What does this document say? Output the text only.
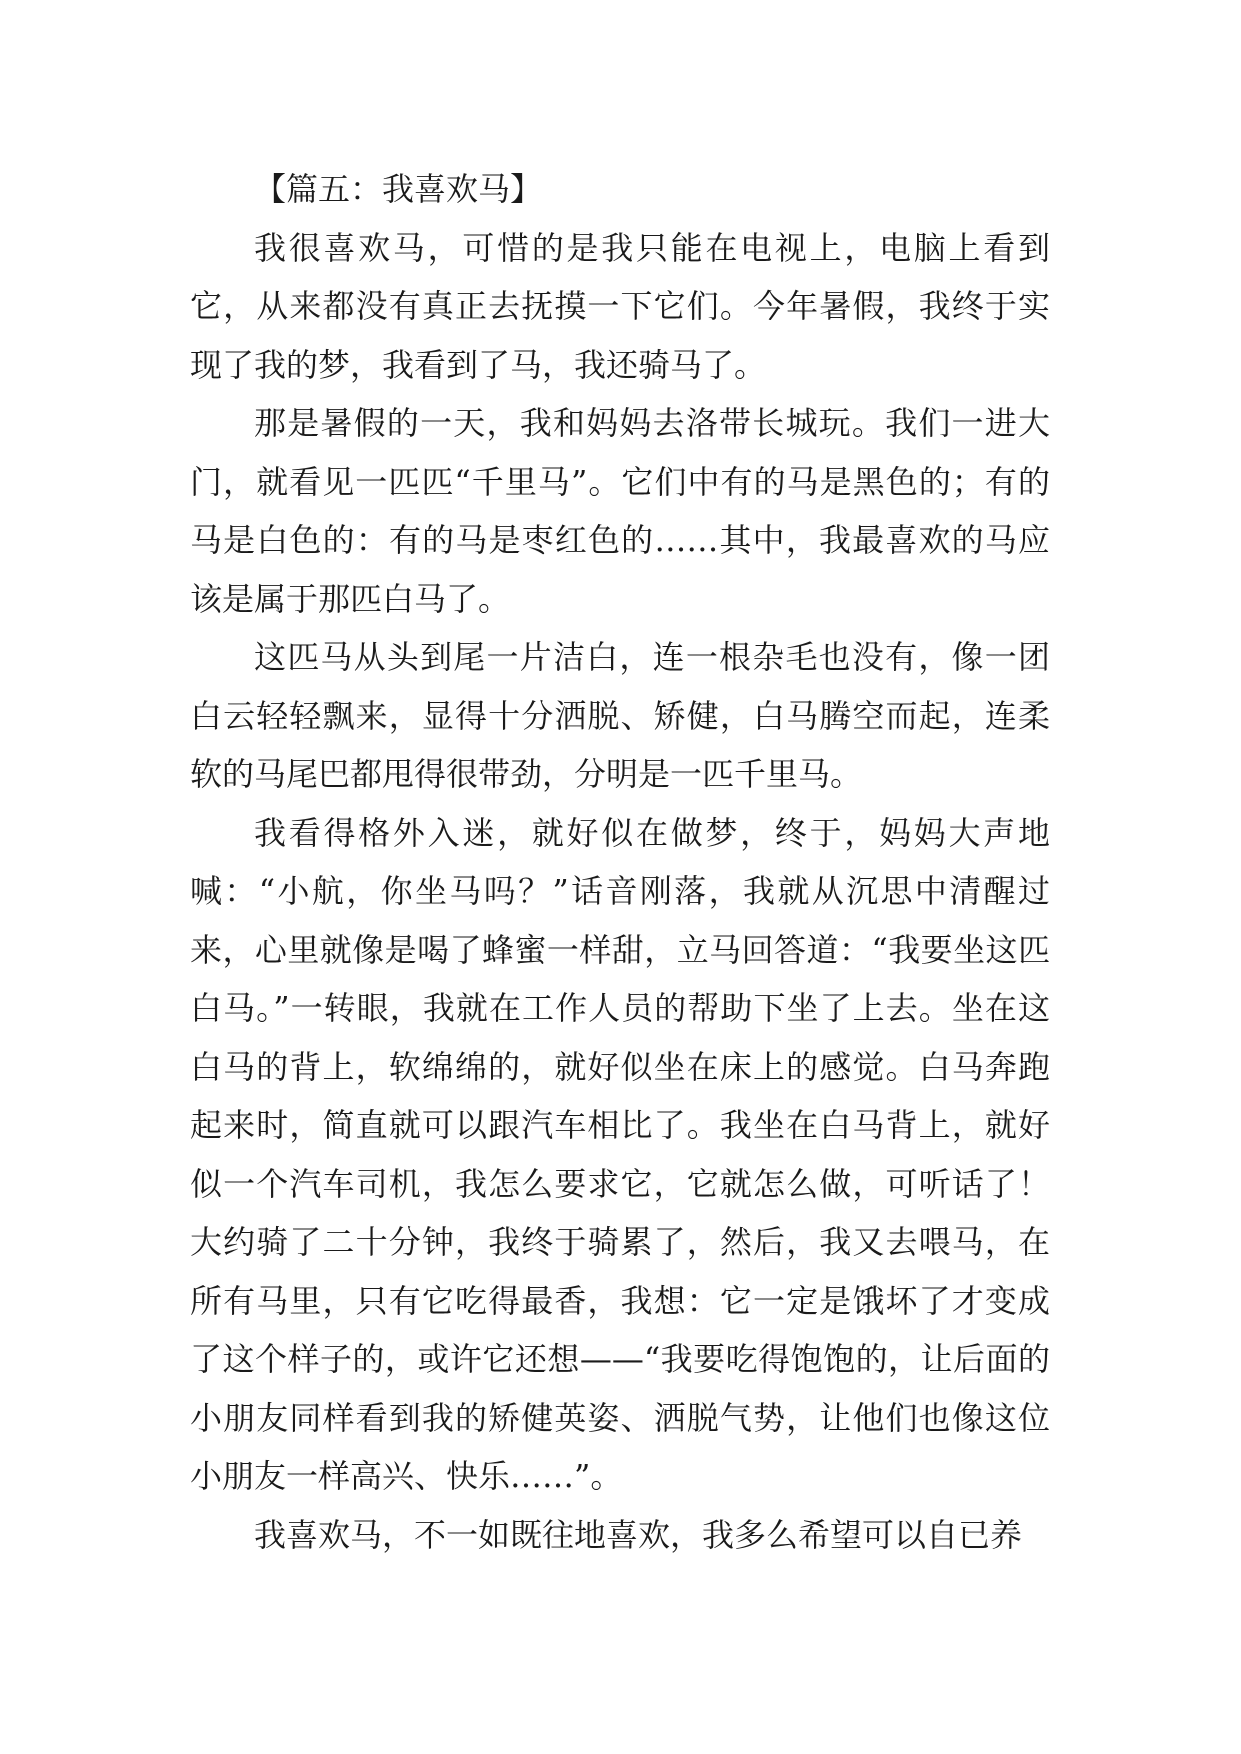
【篇五：我喜欢马】

我很喜欢马，可惜的是我只能在电视上，电脑上看到它，从来都没有真正去抚摸一下它们。今年暑假，我终于实现了我的梦，我看到了马，我还骑马了。

那是暑假的一天，我和妈妈去洛带长城玩。我们一进大门，就看见一匹匹“千里马”。它们中有的马是黑色的；有的马是白色的：有的马是枣红色的……其中，我最喜欢的马应该是属于那匹白马了。

这匹马从头到尾一片洁白，连一根杂毛也没有，像一团白云轻轻飘来，显得十分洒脱、矫健，白马腾空而起，连柔软的马尾巴都甩得很带劲，分明是一匹千里马。

我看得格外入迷，就好似在做梦，终于，妈妈大声地喊：“小航，你坐马吗？”话音刚落，我就从沉思中清醒过来，心里就像是喝了蜂蜜一样甜，立马回答道：“我要坐这匹白马。”一转眼，我就在工作人员的帮助下坐了上去。坐在这白马的背上，软绵绵的，就好似坐在床上的感觉。白马奔跑起来时，简直就可以跟汽车相比了。我坐在白马背上，就好似一个汽车司机，我怎么要求它，它就怎么做，可听话了！大约骑了二十分钟，我终于骑累了，然后，我又去喂马，在所有马里，只有它吃得最香，我想：它一定是饿坏了才变成了这个样子的，或许它还想——“我要吃得饱饱的，让后面的小朋友同样看到我的矫健英姿、洒脱气势，让他们也像这位小朋友一样高兴、快乐……”。

我喜欢马，不一如既往地喜欢，我多么希望可以自已养
